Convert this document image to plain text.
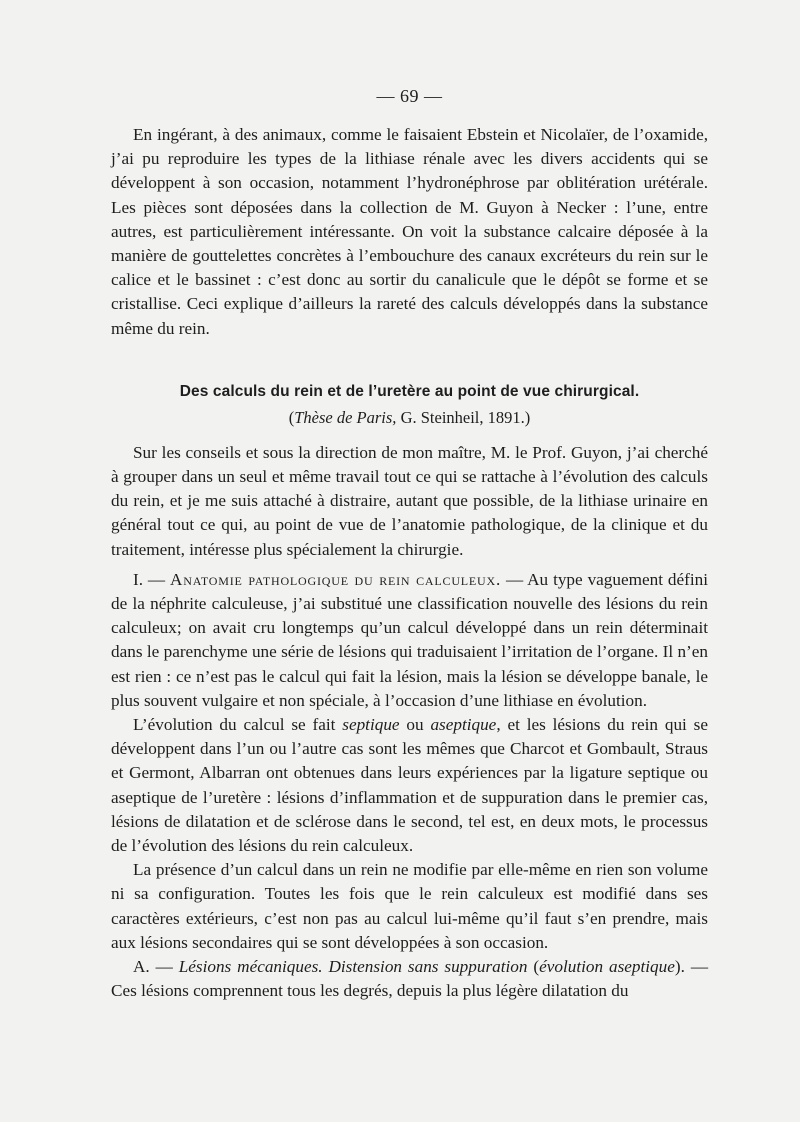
— 69 —

En ingérant, à des animaux, comme le faisaient Ebstein et Nicolaïer, de l’oxamide, j’ai pu reproduire les types de la lithiase rénale avec les divers accidents qui se développent à son occasion, notamment l’hydronéphrose par oblitération urétérale. Les pièces sont déposées dans la collection de M. Guyon à Necker : l’une, entre autres, est particulièrement intéressante. On voit la substance calcaire déposée à la manière de gouttelettes concrètes à l’embouchure des canaux excréteurs du rein sur le calice et le bassinet : c’est donc au sortir du canalicule que le dépôt se forme et se cristallise. Ceci explique d’ailleurs la rareté des calculs développés dans la substance même du rein.

Des calculs du rein et de l’uretère au point de vue chirurgical.
(Thèse de Paris, G. Steinheil, 1891.)

Sur les conseils et sous la direction de mon maître, M. le Prof. Guyon, j’ai cherché à grouper dans un seul et même travail tout ce qui se rattache à l’évolution des calculs du rein, et je me suis attaché à distraire, autant que possible, de la lithiase urinaire en général tout ce qui, au point de vue de l’anatomie pathologique, de la clinique et du traitement, intéresse plus spécialement la chirurgie.

I. — Anatomie pathologique du rein calculeux. — Au type vaguement défini de la néphrite calculeuse, j’ai substitué une classification nouvelle des lésions du rein calculeux; on avait cru longtemps qu’un calcul développé dans un rein déterminait dans le parenchyme une série de lésions qui traduisaient l’irritation de l’organe. Il n’en est rien : ce n’est pas le calcul qui fait la lésion, mais la lésion se développe banale, le plus souvent vulgaire et non spéciale, à l’occasion d’une lithiase en évolution.

L’évolution du calcul se fait septique ou aseptique, et les lésions du rein qui se développent dans l’un ou l’autre cas sont les mêmes que Charcot et Gombault, Straus et Germont, Albarran ont obtenues dans leurs expériences par la ligature septique ou aseptique de l’uretère : lésions d’inflammation et de suppuration dans le premier cas, lésions de dilatation et de sclérose dans le second, tel est, en deux mots, le processus de l’évolution des lésions du rein calculeux.

La présence d’un calcul dans un rein ne modifie par elle-même en rien son volume ni sa configuration. Toutes les fois que le rein calculeux est modifié dans ses caractères extérieurs, c’est non pas au calcul lui-même qu’il faut s’en prendre, mais aux lésions secondaires qui se sont développées à son occasion.

A. — Lésions mécaniques. Distension sans suppuration (évolution aseptique). — Ces lésions comprennent tous les degrés, depuis la plus légère dilatation du
